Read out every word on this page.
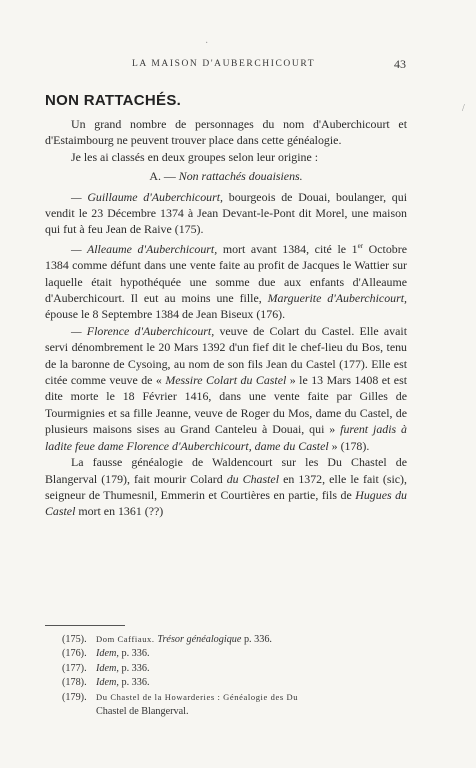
LA MAISON D'AUBERCHICOURT	43
NON RATTACHÉS.

Un grand nombre de personnages du nom d'Auberchicourt et d'Estaimbourg ne peuvent trouver place dans cette généalogie.

Je les ai classés en deux groupes selon leur origine :

A. — Non rattachés douaisiens.

— Guillaume d'Auberchicourt, bourgeois de Douai, boulanger, qui vendit le 23 Décembre 1374 à Jean Devant-le-Pont dit Morel, une maison qui fut à feu Jean de Raive (175).

— Alleaume d'Auberchicourt, mort avant 1384, cité le 1er Octobre 1384 comme défunt dans une vente faite au profit de Jacques le Wattier sur laquelle était hypothéquée une somme due aux enfants d'Alleaume d'Auberchicourt. Il eut au moins une fille, Marguerite d'Auberchicourt, épouse le 8 Septembre 1384 de Jean Biseux (176).

— Florence d'Auberchicourt, veuve de Colart du Castel. Elle avait servi dénombrement le 20 Mars 1392 d'un fief dit le chef-lieu du Bos, tenu de la baronne de Cysoing, au nom de son fils Jean du Castel (177). Elle est citée comme veuve de « Messire Colart du Castel » le 13 Mars 1408 et est dite morte le 18 Février 1416, dans une vente faite par Gilles de Tourmignies et sa fille Jeanne, veuve de Roger du Mos, dame du Castel, de plusieurs maisons sises au Grand Canteleu à Douai, qui » furent jadis à ladite feue dame Florence d'Auberchicourt, dame du Castel » (178).

La fausse généalogie de Waldencourt sur les Du Chastel de Blangerval (179), fait mourir Colard du Chastel en 1372, elle le fait (sic), seigneur de Thumesnil, Emmerin et Courtières en partie, fils de Hugues du Castel mort en 1361 (??)

(175). Dom Caffiaux. Trésor généalogique p. 336.
(176). Idem, p. 336.
(177). Idem, p. 336.
(178). Idem, p. 336.
(179). Du Chastel de la Howarderies : Généalogie des Du
Chastel de Blangerval.
·
/
